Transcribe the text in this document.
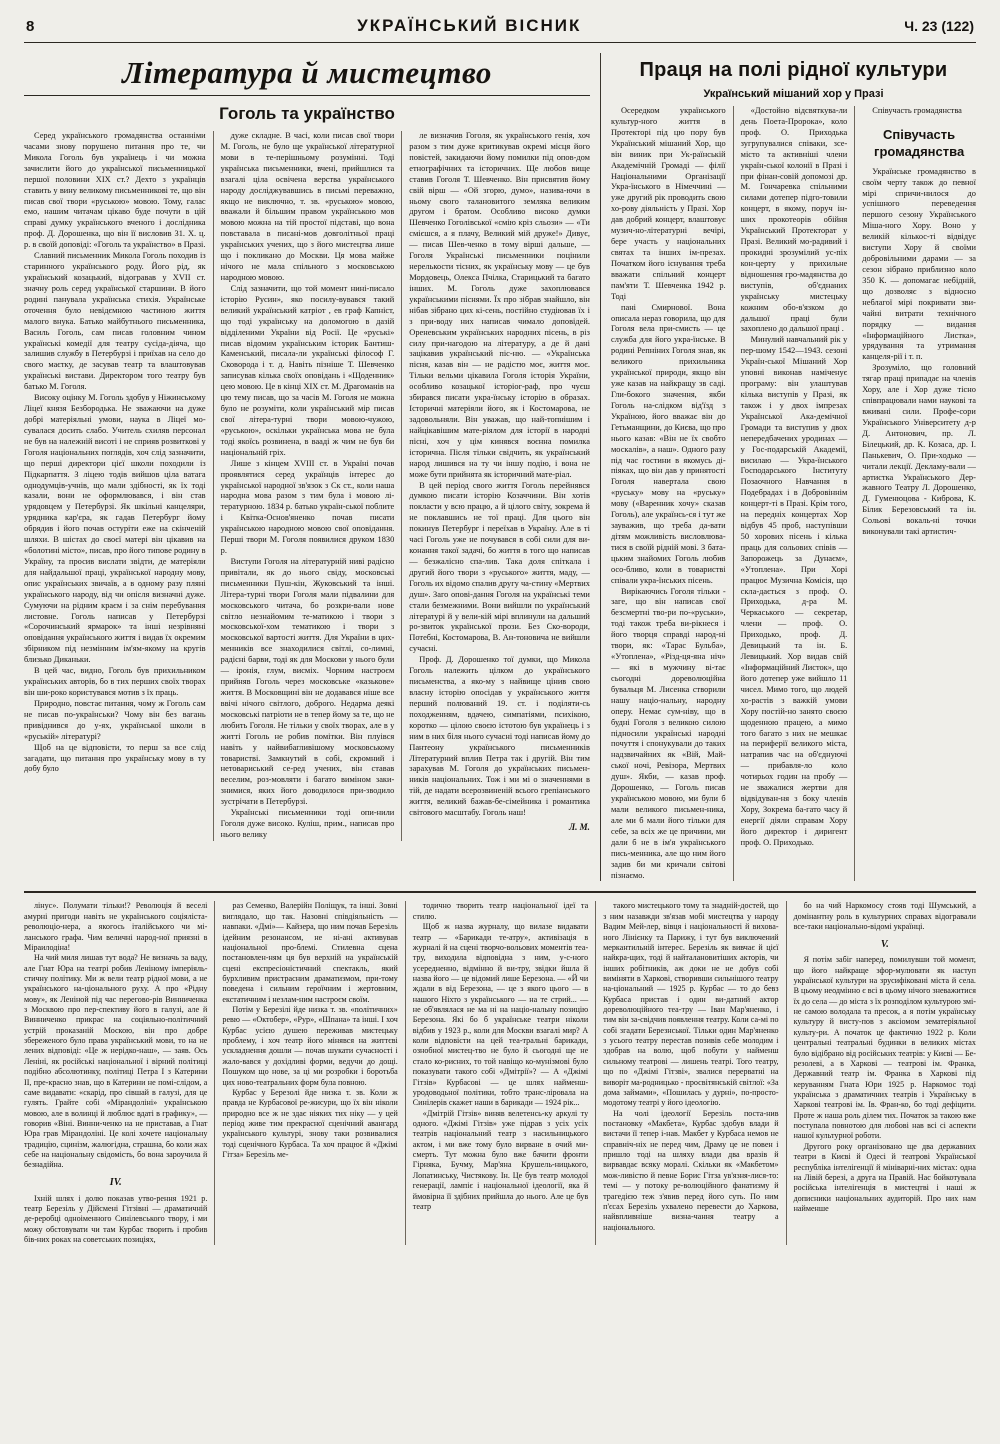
8	УКРАЇНСЬКИЙ ВІСНИК	Ч. 23 (122)
Література й мистецтво
Гоголь та українство

Серед українського громадянства останніми часами знову порушено питання про те, чи Микола Гоголь був українець і чи можна зачислити його до української письменницької першої половини XIX ст.? Дехто з українців ставить у вину великому письменникові те, що він писав свої твори «руською» мовою. Тому, галас емо, нашим читачам цікаво буде почути в цій справі думку українського вченого і дослідника проф. Д. Дорошенка, що він її висловив 31. X. ц. р. в своїй доповіді: «Гоголь та українство» в Празі.

Славний письменник Микола Гоголь походив із старинного українського роду. Його рід, як український козацький, відогравав у XVII ст. значну роль серед української старшини. В його родині панувала українська стихія. Українське оточення було невідємною частиною життя малого внука. Батько майбутнього письменника, Василь Гоголь, сам писав головним чином українські комедії для театру сусіда-діяча, що залишив службу в Петербурзі і приїхав на село до свого маєтку, де засував театр та влаштовував українські вистави. Директором того театру був батько М. Гоголя.

Високу оцінку М. Гоголь здобув у Ніжинському Ліцеї князя Безбородька. Не зважаючи на дуже добрі матеріяльні умови, наука в Ліцеї мо-сувалася досить слабо. Учитель схиляв персонал не був на належній висоті і не сприяв розвиткові у Гоголя національних поглядів, хоч слід зазначити, що перші директори цієї школи походили із Підкарпаття. З ліцею тодів вийшов ціла ватага однодумців-учнів, що мали здібності, як їх тоді казали, вони не оформлювався, і він став урядовцем у Петербурзі. Як шкільні канцеляри, урядника кар'єра, як гадав Петербург йому обрядив і його почав остуріти еже на скінченій шляхи. В шістах до своєї матері він цікавив на «болотині місто», писав, про його типове родину в Україну, та просив вислати звідти, де матеріяли для найдальшої праці, української народну мову, опис українських звичаїв, а в одному разу пляні українського народу, від чи опісля визначні дуже. Сумуючи на рідним краєм і за снім перебування листовне. Гоголь написав у Петербурзі «Сорочинський ярмарок» та інші незрівняні оповідання українського життя і видав їх окремим збірником під незмінним ім'ям-якому на кругів близько Диканьки.

В цей час, видно, Гоголь був прихильником українських авторів, бо в тих перших своїх творах він ши-роко користувався мотив з їх праць.

Природно, повстає питання, чому ж Гоголь сам не писав по-українськи? Чому він без вагань привіднився до у-ях, української школи в «руській» літературі?

Щоб на це відповісти, то перш за все слід загадати, що питання про українську мову в ту добу було

дуже складне. В часі, коли писав свої твори М. Гоголь, не було ще української літературної мови в те-перішньому розумінні. Тоді українська письменники, вчені, прийшлися та взагалі ціла освічена верства українського народу досліджувавшись в письмі переважно, якщо не виключно, т. зв. «руською» мовою, вважали й більшим правом українською мов мовою можна на тій простої підставі, що вона повставала в писані-мов довголітньої праці українських учених, що з його мистецтва лише що і покликано до Москви. Ця мова майже нічого не мала спільного з московською народною мовою.

Слід зазначити, що той момент нині-писало історію Русин», яко посилу-вувався такий великий український катріот , ев граф Капніст, що тоді українську на доломогою в дазій відділеними України від Росії. Це «руські» писав відомим українським історик Бантиш-Каменський, писала-ли українські філософ Г. Сковорода і т. д. Навіть пізніше Т. Шевченко записував кілька своїх оповідань і «Щоденник» цею мовою. Це в кінці XIX ст. М. Драгоманів на цю тему писав, що за часів М. Гоголя не можна було не розуміти, коли український мір писав свої літера-турні твори мовою-чужою, «руською», оскільки українська мова не була тоді якоїсь розвинена, в вааді ж чим не був би національній гріх.

Лише з кінцем XVIII ст. в Україні почав проявлятися серед українців інтерес до української народної зв'язок з Ск ст., коли наша народна мова разом з тим була і мовою лі-тературною. 1834 р. батько україн-ської поблите і Квітка-Основ'яненко почав писати українською народною мовою свої оповідання. Перші твори М. Гоголя появилися друком 1830 р.

Виступи Гоголя на літературній ниві радісно привітали, як до нього свіду, московські письменники Пуш-кін, Жуковський та інші. Літера-турні твори Гоголя мали підвалини для московського читача, бо розкри-вали нове світло незнайомим те-матикою і твори з московської-хом тематикою і твори з московської вартості життя. Для України в цих-менників все знаходилися світлі, со-лимні, радісні барви, тоді як для Москови у нього були — іронія, глум, висміх. Чорним настроєм прийняв Гоголь через московське «казькове» життя. В Московщині він не додавався ніше все ввічі нічого світлого, доброго. Недарма деякі московські патріоти не в тепер йому за те, що не любить Гоголя. Не тільки у своїх творах, але в у житті Гоголь не робив помітки. Він плуівся навіть у найвибагливішому московському товаристві. Замкнутий в собі, скромний і нетовариський се-ред учених, він ставав веселим, роз-мовляти і багато виміном заки-знимися, яких його доводилося при-зводило зустрічати в Петербурзі.

Українські письменники тоді опи-нили Гоголя дуже високо. Куліш, прим., написав про нього велику

ле визначив Гоголя, як українського генія, хоч разом з тим дуже критикував окремі місця його повістей, закидаючи йому помилки під опов-дом етнографічних та історичних. Ще любов вище ставив Гоголя Т. Шевченко. Він присвятив йому свій вірш — «Ой згорю, думо», назива-ючи в ньому свого талановитого земляка великим другом і братом. Особливо високо думки Шевченко Гоголівської «смію кріз сльози» — «Ти смієшся, а я плачу, Великий мій друже!» Дивує, — писав Шев-ченко в тому вірші дальше, — Гоголя Українські письменники поцінили нерелькости тісних, як українську мову — це був Мордовець, Олекса Пчілка, Старицький та багато інших. М. Гоголь дуже захоплювався українськими піснями. Їх про зібрав знайшло, він нібав зібрано цих кі-сень, постійно студіював їх і з при-воду них написав чимало доповідей. Ореневським українських народних пісень, в різ силу при-нагодою на літературу, а де й дані зацікавив український піс-ню. — «Українська пісня, казав він — не радістю моє, життя моє. Тільки вельми цікавила Гоголя історія України, особливо козацької історіог-раф, про чуєш збирався писати укра-їнську історію в образах. Історичні матеріяли його, як і Костомарова, не задовольняли. Він уважав, що най-топнішим і найцікавішим мате-ріялом для історії в народні пісні, хоч у цім кинявся воєнна помилка історична. Після тільки свідчить, як український народ лишився на ту чи іншу подію, і вона не може бути прийнята як історичний мате-ріал.

В цей період свого життя Гоголь перейнявся думкою писати історію Козаччини. Він хотів покласти у всю працю, а й цілого світу, зокрема й не поклавшись не тої праці. Для цього він покинув Петербург і переїхав в Україну. Але в ті часі Гоголь уже не почувався в собі сили для ви-конання такої задачі, бо життя в того що написав — безжалісно спа-лив. Така доля спіткала і другий його твори з «руського» життя, маду, — Гоголь их відомо спалив другу ча-стину «Мертвих душ». Заго опові-дання Гоголя на українські теми стали безмежними. Вони вийшли по український літературі й у вели-кій мірі вплинули на дальший ро-звиток української прози. Без Ско-вороди, Потебні, Костомарова, В. Ан-тоновича не вийшли сучасні.

Проф. Д. Дорошенко тої думки, що Микола Гоголь належить цілком до українського письменства, а яко-му з найвище цінив свою власну історію опосідав у українського життя перший полюваний 19. ст. і поділяти-сь походженням, вдачею, симпатіями, психікою, коротко — цілою своєю істотою був українець і з ним в них біля нього сучасні тоді написав йому до Пантеону українського письменників Літературний вплив Петра так і другій. Він тим зарахував М. Гоголя до українських письмен-ників національних. Тож і ми мі о значеннями в тій, де надати всерозвиненій всього грепіанського життя, великий бажав-бе-сімейника і романтика світового масштабу. Гоголь наш!

Л. М.
Праця на полі рідної культури
Український мішаний хор у Празі

Осередком українського культур-ного життя в Протекторі під цю пору був Український мішаний Хор, що він виник при Ук-раїнській Академічній Громаді — філії Національними Організації Укра-їнського в Німеччині — уже другий рік проводить свою хо-рову діяльність у Празі. Хор дав добрий концерт, влаштовує музич-но-літературні вечірі, бере участь у національних святах та інших ім-презах. Початком його існування треба вважати спільний концерт пам'яти Т. Шевченка 1942 р. Тоді

пані Смирнової. Вона описала нераз говорила, що для Гоголя вела при-смисть — це служба для його укра-їнське. В родині Репніних Гоголя знав, як великого прихильника української природи, якщо він уже казав на найкращу зв саді. Гли-бокого значення, якби Гоголь на-слідком від'їзд з Україною, його вважає він до Гетьманщини, до Києва, що про нього казав: «Він не їх свобто москалів», а наш». Одного разу під час гостини в якомусь ді-піяках, що він дав у принятості Гоголя навертала свою «руську» мову на «руську» мову («Варенник хочу» сказав Гоголь), але українсь-ся і тут же зауважив, що треба да-вати дітям можливість висловлюва-тися в своїй рідній мові. З бата-цьким знайомих Гоголь любив осо-бливо, коли в товаристві співали укра-їнських пісень.

Вирікаючись Гоголя тільки - заге, що він написав свої безсмертні тво-ри по-«руськи», тоді також треба ви-рікнеся і його творця справді народ-ні твори, як: «Тарас Бульба», «Утоплена», «Різд-ця-яна ніч» — які в мужчину ві-тає сьогодні дореволюційна бувальця М. Лисенка створили нашу націо-нальну, народну оперу. Немає сум-ніву, що в будні Гоголя з великою силою підносили українські народні почуття і спонукували до таких надзвичайних як «Вій, Май-ської ночі, Ревізора, Мертвих душ». Якби, — казав проф. Дорошенко, — Гоголь писав українською мовою, ми були б мали великого письмен-ника, але ми б мали його тільки для себе, за всіх же це причини, ми дали б не в ім'я українського пись-менника, але що ним його задив би ми кричали світові пізнаємо.

«Достойно відсвяткува-ли день Поета-Пророка», коло проф. О. Приходька зугрупувалися співаки, зсе-місто та активніші члени україн-ської колонії в Празі і при фінан-совій допомозі др. М. Гончаревка спільними силами дотепер підго-товили концерт, в якому, поруч ін-ших прокотеорів обійня Український Протекторат у Празі. Великий мо-радивий і прокидні зрозумілий ус-піх кон-церту у прихильне відношення гро-мадянства до виступів, об'єднаних українську мистецьку кожним обо-в'язком до дальшої праці були захоплено до дальшої праці .

Минулий навчальний рік у пер-шому 1542—1943. сезоні Україн-ської Мішаний Хор уповні виконав наміченує програму: він улаштував кілька виступів у Празі, як також і у двох імпрезах Української Ака-демічної Громади та виступив у двох непередбачених уродинах — у Гос-подарській Академії, висилаю — Укра-їнського Господарського Інституту Позаочного Навчання в Подебрадах і в Добровіннім концерт-ті в Празі. Крім того, на передніх концертах Хор відбув 45 проб, наступівши 50 хорових пісень і кілька праць для сольових співів — Запорожець за Дунаєм», «Утоплена». При Хорі працює Музична Комісія, що скла-дається з проф. О. Приходька, д-ра М. Черкаського — секретар, члени — проф. О. Приходько, проф. Д. Девицький та ін. Б. Левицький. Хор видав свій «Інформаційний Листок», що його дотепер уже вийшло 11 чисел. Мимо того, що людей хо-растів з важкій умови Хору постій-но занято своєю щоденною працею, а мимо того багато з них не мешкає на периферії великого міста, натрапив час на об'єднуючі — прибавля-ло коло чотирьох годин на пробу — не зважалися жертви для відвідуван-ня з боку членів Хору, Зокрема ба-гато часу й енергії діяли справам Хору його директор і диригент проф. О. Приходько.

Співучасть громадянства

Співучасть громадянства

Українське громадянство в своїм черту також до певної мірі спричи-нилося до успішного переведення першого сезону Українського Міша-ного Хору. Воно у великій кількос-ті відвідує виступи Хору й своїми добровільними дарами — за сезон зібрано приблизно коло 350 К. — допомагає небідній, що дозволяє з відносно неблагої мірі покривати зви-чайні витрати технічного порядку — видання «Інформаційного Листка», урядування та утримання канцеля-рії і т. п.

Зрозуміло, що головний тягар праці припадає на членів Хору, але і Хор дуже тісно співпрацювали нами наукові та вживані сили. Профе-сори Українського Університету д-р Д. Антонович, пр. Л. Білецький, др. К. Козаса, др. І. Панькевич, О. При-ходько — читали лекції. Декламу-вали — артистка Українського Дер-жавного Театру Л. Дорошенко, Д. Гуменюцова - Киброва, К. Білик Березовський та ін. Сольові вокаль-ні точки виконували такі артистич-

лінус». Полумати тільки!? Революція й веселі амурні пригоди навіть не українського соціяліста-революціо-нера, а якогось італійського чи мі-ланського графа. Чим величні народ-ної приязні в Міраилодіна!

На чий миля лишав тут вода? Не визначь за ваду, але Гнат Юра на театрі робив Леніному імперіяль-стичну політику. Ми ж вели театр рідної мови, а не українського на-ціонального руху. А про «Рідну мову», як Леніной під час перегово-рів Винниченка з Москвою про пер-спективу його в галузі, але й Винниченко прикрас на соціяльно-політичний устрій проказаній Москою, він про добре збереженого було права український мови, то на не лених відповіді: «Це ж нерідко-наш», — заяв. Ось Леніні, як російські національної і вірний політиці подібно абсолютинку, політиці Петра I з Катерини II, пре-красно знав, що в Катерини не помі-слідом, а саме видавати: «скарід, про сівшай в галузі, для це гулять. Грайте собі «Мірандоліні» українською мовою, але в волинці й люблює вдаті в графику», — говорив «Віні. Винни-ченко на не приставав, а Гнат Юра грав Мірандоліні. Це колі хочете національну традицію, сцинізм, жалюгідна, страшна, бо коли жах себе на національну свідомість, бо вона зароучила й безнадійна.

IV.

Іхній шлях і долю показав утво-рення 1921 р. театр Березіль у Дійсмені Гітзівні — драматичній де-реробці одноіменного Синілевського твору, і ми можу обстовувати чи там Курбас творить і пробив бів-них роках на советських позиціях,

раз Семенко, Валерійн Поліщук, та інші. Зовні виглядало, що так. Назовні співдіяльність — навпаки. «Дмі»— Кайзера, що ним почав Березіль ідейним резонансом, не ні-ані активував національної про-блемі. Стилевна сцена постановлен-ням ця був верхній на українській сцені експресіоністичний спектакль, який бурхливим пристрасним драматизмом, при-тому поведена і сильним героїчним і жертовним, екстатичним і незлам-ним настроєм своїм.

Потім у Березілі йде низка т. зв. «політичних» ревю — «Октобер», «Рур», «Шпана» та інші. І хоч Курбас усією душею переживав мистецьку проблему, і хоч театр його мінявся на життєві ускладнення дошли — почав шукати сучасності і жало-вався у дохідливі форми, ведучи до дощі. Пошуком що нове, за ці ми розробки і боротьба цих ново-театральних форм була повною.

Курбас у Березолі йде низка т. зв. Коли ж правда не Курбасової ре-жисури, що їх він ніколи природно все ж не здає ніяких тих ніку — у цей період живе тим прекрасної сценічний авангард українського культурі, знову таки розвивалися тоді сценічного Курбаса. Та хоч працює й «Джімі Гітза» Березіль ме-

тодично творить театр національної ідеї та стилю.

Щоб ж назва журналу, що вилазе видавати театр — «Барикади те-атру», активізація в журналі й на сцені творчо-вольових моментів теа-тру, виходила відповідна з ним, у-с-ного усередненно, відмінно й ви-тру, звідки йшла й назва його — це відомий лише Березона. — «Й чи ждали в від Березона, — це з якого цього — в нашого Ніхто з українського — на те стрий... — не об'являлася не ма ні на націо-нальну позицію Березона. Які бо б українське театри ніколи відбив у 1923 р., коли для Москви взагалі мир? А коли відповісти на цей теа-тральні барикади, ознобної мистец-тво не було й сьогодні ще не стало ко-рисних, то той навіщо ко-мунізмові було показувати такого собі «Дмітрії»? — А «Джімі Гітзів» Курбасові — це шлях найменш-уродоводьної політики, тобто транс-ліровала на Синілерів скажет наши в барикади — 1924 рік...

«Дмітрій Гітзів» виняв велетенсь-ку аркулі ту одного. «Джімі Гітзів» уже підрав з усіх усіх театрів національний театр з насильницького актом, і ми вже тому було вирване в очий ми-смерть. Тут можна було вже бачити фронти Гірняка, Бучму, Мар'яна Крушель-ницького, Лопатинську, Чистякову. Ін. Це був театр молодої генерації, лампіє і національної ідеології, яка й ймовірна її здібних прийшла до нього. Але це був театр

такого мистецького тому та знадній-достей, що з ним назавжди зв'язав мобі мистецтва у народу Вадим Мей-лер, вівця і національності й вихова-ного Лінієнку та Парижу, і тут був виключений меркантильній інтерес. Березіль як вивчає й цієї найкра-щих, тоді й найталановитіших акторів, чи інших робітників, аж доки не не добув собі виміняти в Харкові, створивши сильнішого театру на-ціональний — 1925 р. Курбас — то до бевз Курбаса пристав і один ви-датний актор дореволюційного теа-тру — Іван Мар'яненко, і тим він за-свідчив появлення театру. Коли са-мі по собі згадати Березнської. Тільки один Мар'яненко з усього театру перестав позивів себе молодим і здобрав на волю, щоб побути у найменш сильному театрові — лишень театрі. Того театру, що по «Джімі Гітзві», звалися перерватні на виворіт ма-родницько - просвітянській світлої: «За дома займами», «Пошилась у дурні», по-просто-модотому театрі у його ідеологію.

На чолі ідеології Березіль поста-нив постановку «Макбета», Курбас здобув влади й вистачи її тепер і-нав. Макбет у Курбаса немов не справніч-ніх не перед чим, Драму це не повен і пришло тоді на шляху влади два вразів й вирвавдає всяку моралі. Скільки як «Макбетом» мож-ливістю й певне Борис Гітза ув'язня-лися-то: темі — у потоку ре-волюційного фанатизму й трагедією теж з'явив перед його суть. По ним п'єсах Березіль ухвалено перевести до Харкова, найвпливніше визна-чання театру а національного.

бо на чий Наркомосу стояв тоді Шумський, а домінантну роль в культурних справах відогравали все-таки національно-відомі українці.

V.

Я потім забіг наперед, помилувши той момент, що його найкраще зфор-мулювати як наступ української культури на зрусифіковані міста й села. В цьому неодмінно є всі в цьому нічого зневажитися їх до села — до міста з їх розподілом культурою змі-не самою володала та пресок, а я потім українську культуру й висту-пов з аксіомом зематеріяльної культу-ри. А початок це фактично 1922 р. Коли центральні театральні будинки в великих містах було відібрано від російських театрів: у Києві — Бе-резолеві, а в Харкові — театрові ім. Франка, Державний театр ім. Франка в Харкові під керуванням Гната Юри 1925 р. Наркомос тоді українська з драматичних театрів і Українську в Харкові театрові ім. Ів. Фран-ко, бо тоді дефіцити. Проте ж наша роль ділем тих. Початок за такою вже поступала повнотою для любові нав всі сі аспекти нашої культурної роботи.

Другого року організовано ще два державних театри в Києві й Одесі й театрові Української республіка інтелігенції й мініварні-них містах: одна на Лівій березі, а друга на Правій. Нас бойкотувала російська інтелігенція в мистецтві і наші ж дописники національних аудиторій. Про них нам найменше
